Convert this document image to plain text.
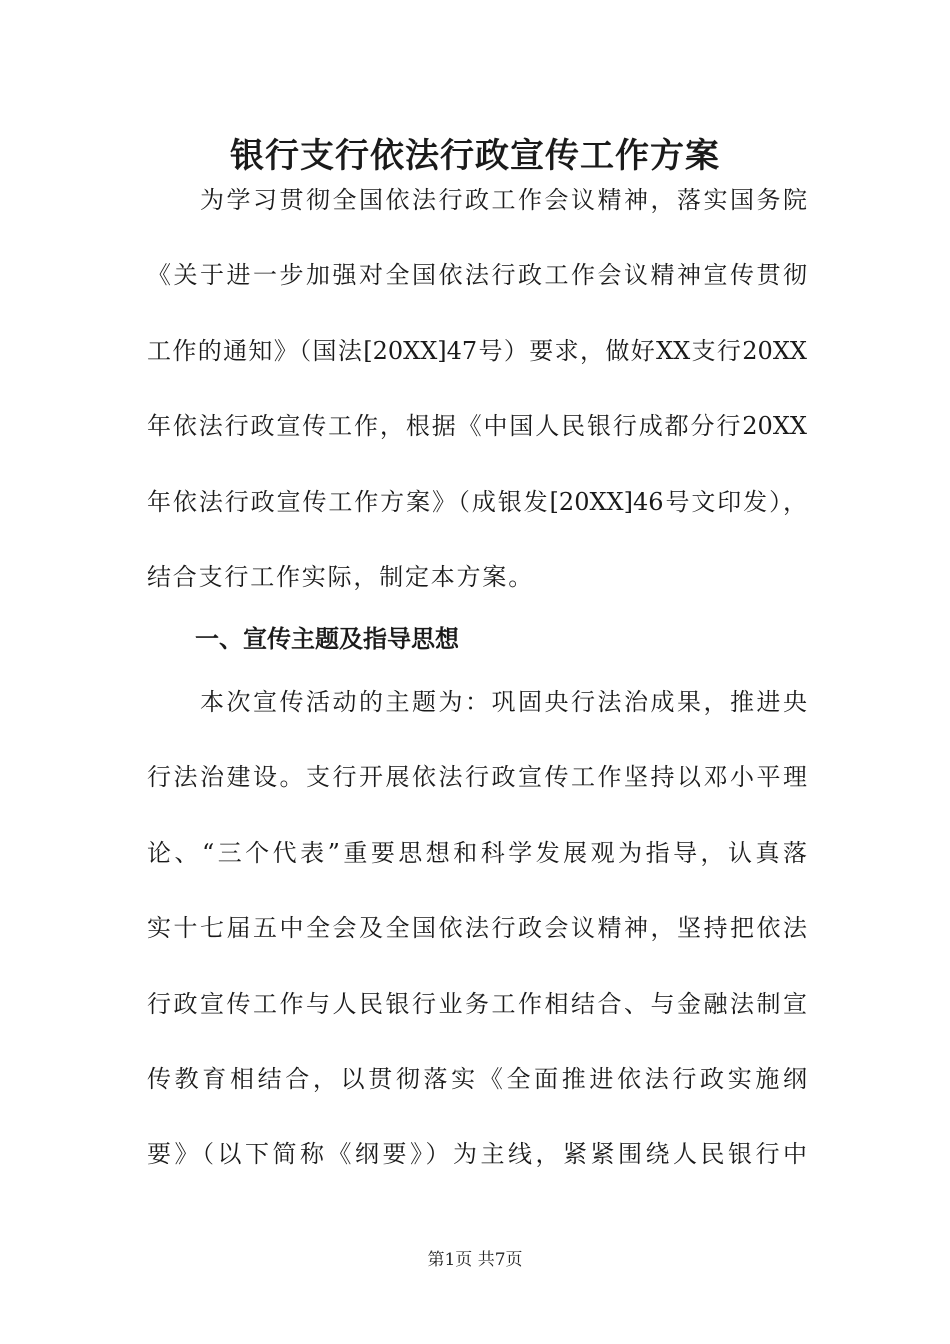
银行支行依法行政宣传工作方案
　　为学习贯彻全国依法行政工作会议精神，落实国务院
《关于进一步加强对全国依法行政工作会议精神宣传贯彻
工作的通知》（国法[20XX]47号）要求，做好XX支行20XX
年依法行政宣传工作，根据《中国人民银行成都分行20XX
年依法行政宣传工作方案》（成银发[20XX]46号文印发），
结合支行工作实际，制定本方案。
一、宣传主题及指导思想
　　本次宣传活动的主题为：巩固央行法治成果，推进央
行法治建设。支行开展依法行政宣传工作坚持以邓小平理
论、“三个代表”重要思想和科学发展观为指导，认真落
实十七届五中全会及全国依法行政会议精神，坚持把依法
行政宣传工作与人民银行业务工作相结合、与金融法制宣
传教育相结合，以贯彻落实《全面推进依法行政实施纲
要》（以下简称《纲要》）为主线，紧紧围绕人民银行中
第1页 共7页
